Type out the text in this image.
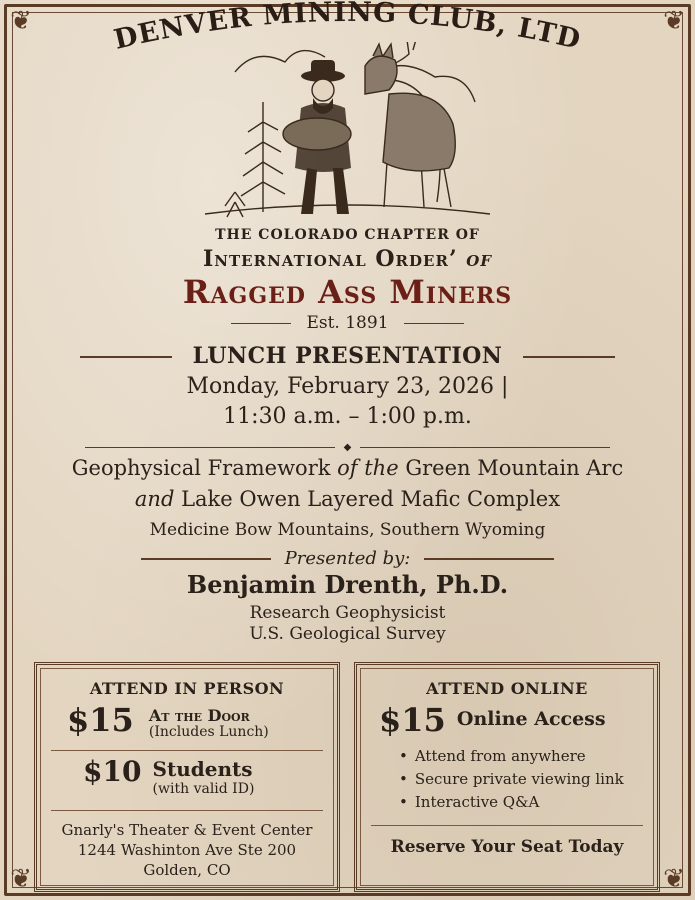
❦	❦
❦	❦
DENVER MINING CLUB, LTD
THE COLORADO CHAPTER OF
International Order’ of
Ragged Ass Miners
Est. 1891
LUNCH PRESENTATION
Monday, February 23, 2026 |
11:30 a.m. – 1:00 p.m.
◆
Geophysical Framework of the Green Mountain Arc
and Lake Owen Layered Mafic Complex
Medicine Bow Mountains, Southern Wyoming
Presented by:
Benjamin Drenth, Ph.D.
Research Geophysicist
U.S. Geological Survey
ATTEND IN PERSON
$15 At the Door
(Includes Lunch)
$10 Students
(with valid ID)
Gnarly's Theater & Event Center
1244 Washinton Ave Ste 200
Golden, CO
ATTEND ONLINE
$15 Online Access
• Attend from anywhere
• Secure private viewing link
• Interactive Q&A
Reserve Your Seat Today
